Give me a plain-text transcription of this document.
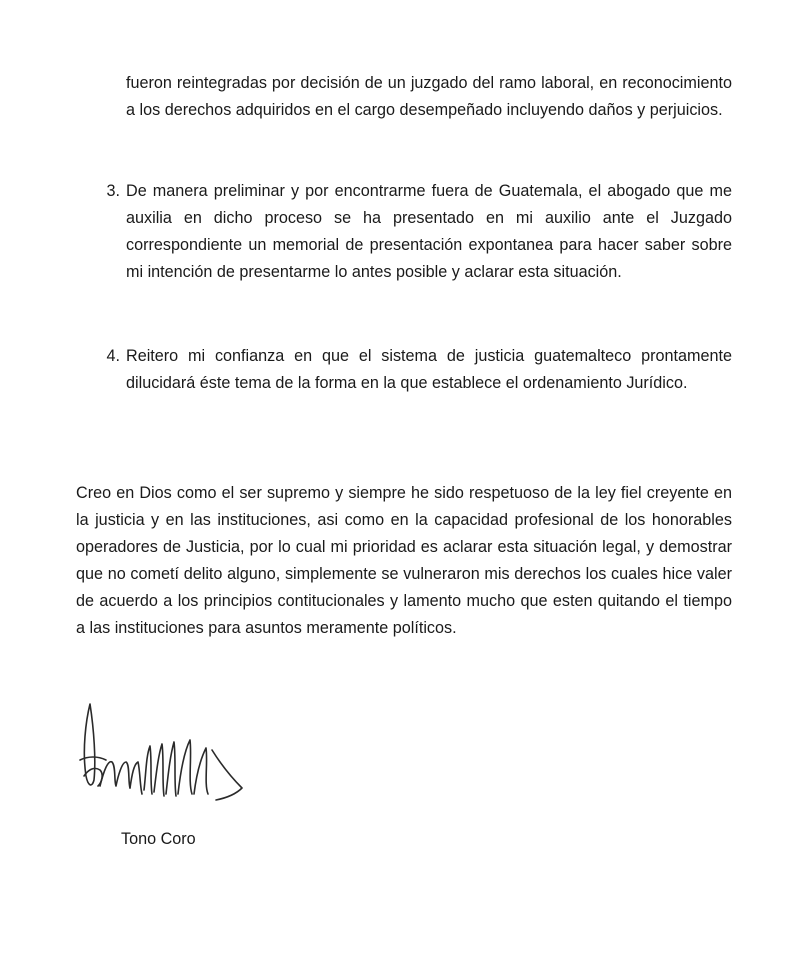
fueron reintegradas por decisión de un juzgado del ramo laboral, en reconocimiento a los derechos adquiridos en el cargo desempeñado incluyendo daños y perjuicios.

3. De manera preliminar y por encontrarme fuera de Guatemala, el abogado que me auxilia en dicho proceso se ha presentado en mi auxilio ante el Juzgado correspondiente un memorial de presentación expontanea para hacer saber sobre mi intención de presentarme lo antes posible y aclarar esta situación.
4. Reitero mi confianza en que el sistema de justicia guatemalteco prontamente dilucidará éste tema de la forma en la que establece el ordenamiento Jurídico.

Creo en Dios como el ser supremo y siempre he sido respetuoso de la ley fiel creyente en la justicia y en las instituciones, asi como en la capacidad profesional de los honorables operadores de Justicia, por lo cual mi prioridad es aclarar esta situación legal, y demostrar que no cometí delito alguno, simplemente se vulneraron mis derechos los cuales hice valer de acuerdo a los principios contitucionales y lamento mucho que esten quitando el tiempo a las instituciones para asuntos meramente políticos.

Tono Coro
